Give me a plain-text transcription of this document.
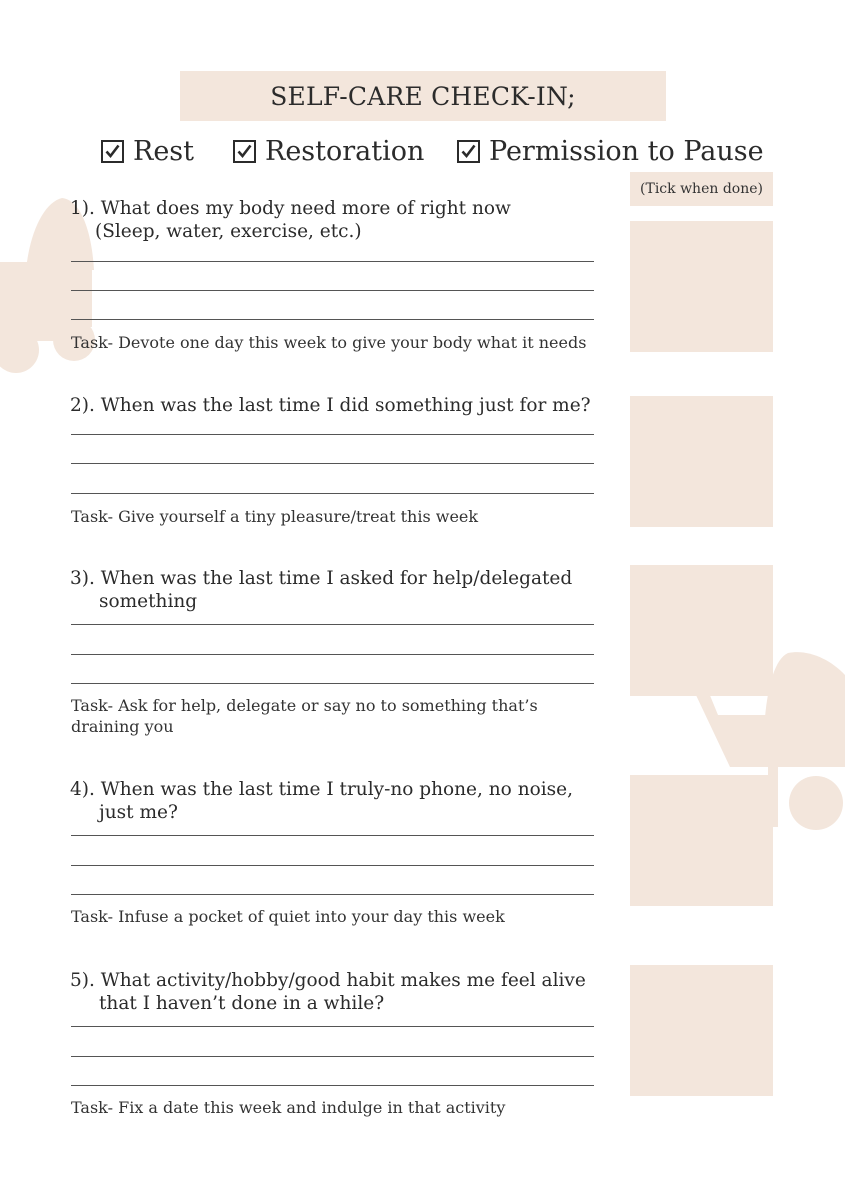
SELF-CARE CHECK-IN;
Rest	Restoration Permission to Pause
(Tick when done)
1). What does my body need more of right now
(Sleep, water, exercise, etc.)
Task- Devote one day this week to give your body what it needs
2). When was the last time I did something just for me?
Task- Give yourself a tiny pleasure/treat this week
3). When was the last time I asked for help/delegated
something
Task- Ask for help, delegate or say no to something that’s draining you
4). When was the last time I truly-no phone, no noise,
just me?
Task- Infuse a pocket of quiet into your day this week
5). What activity/hobby/good habit makes me feel alive
that I haven’t done in a while?
Task- Fix a date this week and indulge in that activity
